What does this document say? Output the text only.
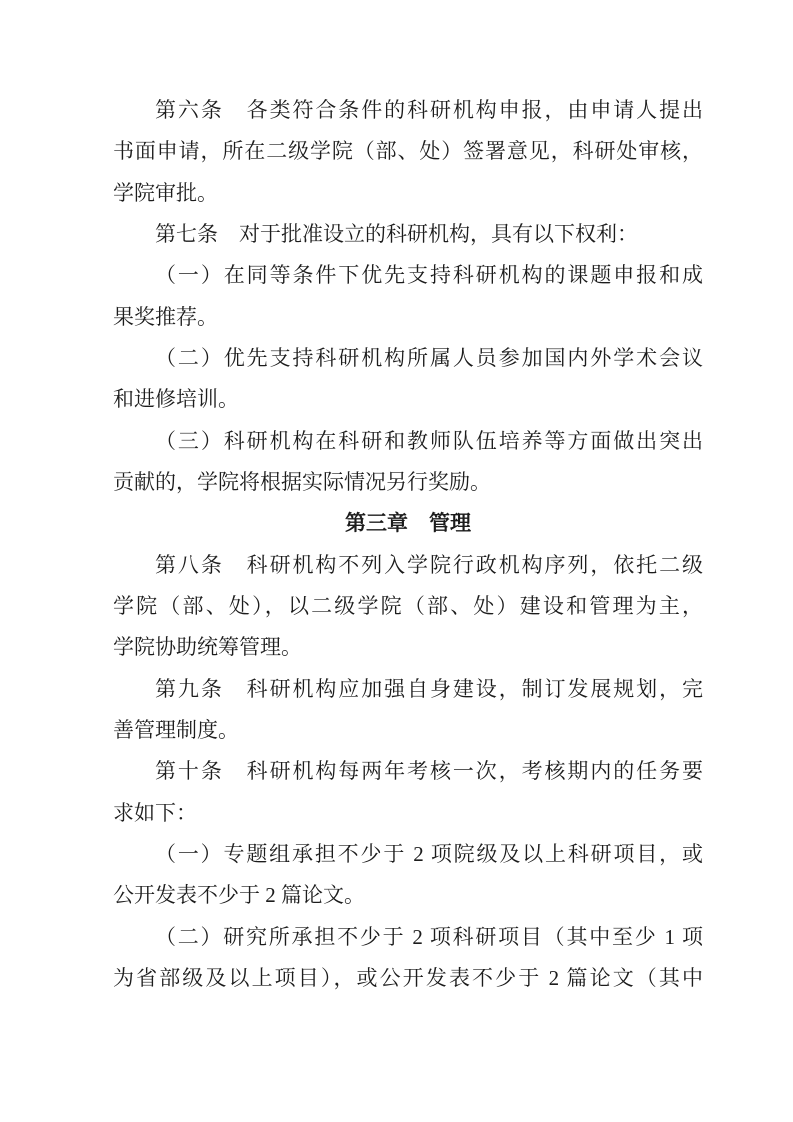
第六条　各类符合条件的科研机构申报，由申请人提出
书面申请，所在二级学院（部、处）签署意见，科研处审核，
学院审批。
第七条　对于批准设立的科研机构，具有以下权利：
（一）在同等条件下优先支持科研机构的课题申报和成
果奖推荐。
（二）优先支持科研机构所属人员参加国内外学术会议
和进修培训。
（三）科研机构在科研和教师队伍培养等方面做出突出
贡献的，学院将根据实际情况另行奖励。
第三章　管理
第八条　科研机构不列入学院行政机构序列，依托二级
学院（部、处），以二级学院（部、处）建设和管理为主，
学院协助统筹管理。
第九条　科研机构应加强自身建设，制订发展规划，完
善管理制度。
第十条　科研机构每两年考核一次，考核期内的任务要
求如下：
（一）专题组承担不少于 2 项院级及以上科研项目，或
公开发表不少于 2 篇论文。
（二）研究所承担不少于 2 项科研项目（其中至少 1 项
为省部级及以上项目），或公开发表不少于 2 篇论文（其中
